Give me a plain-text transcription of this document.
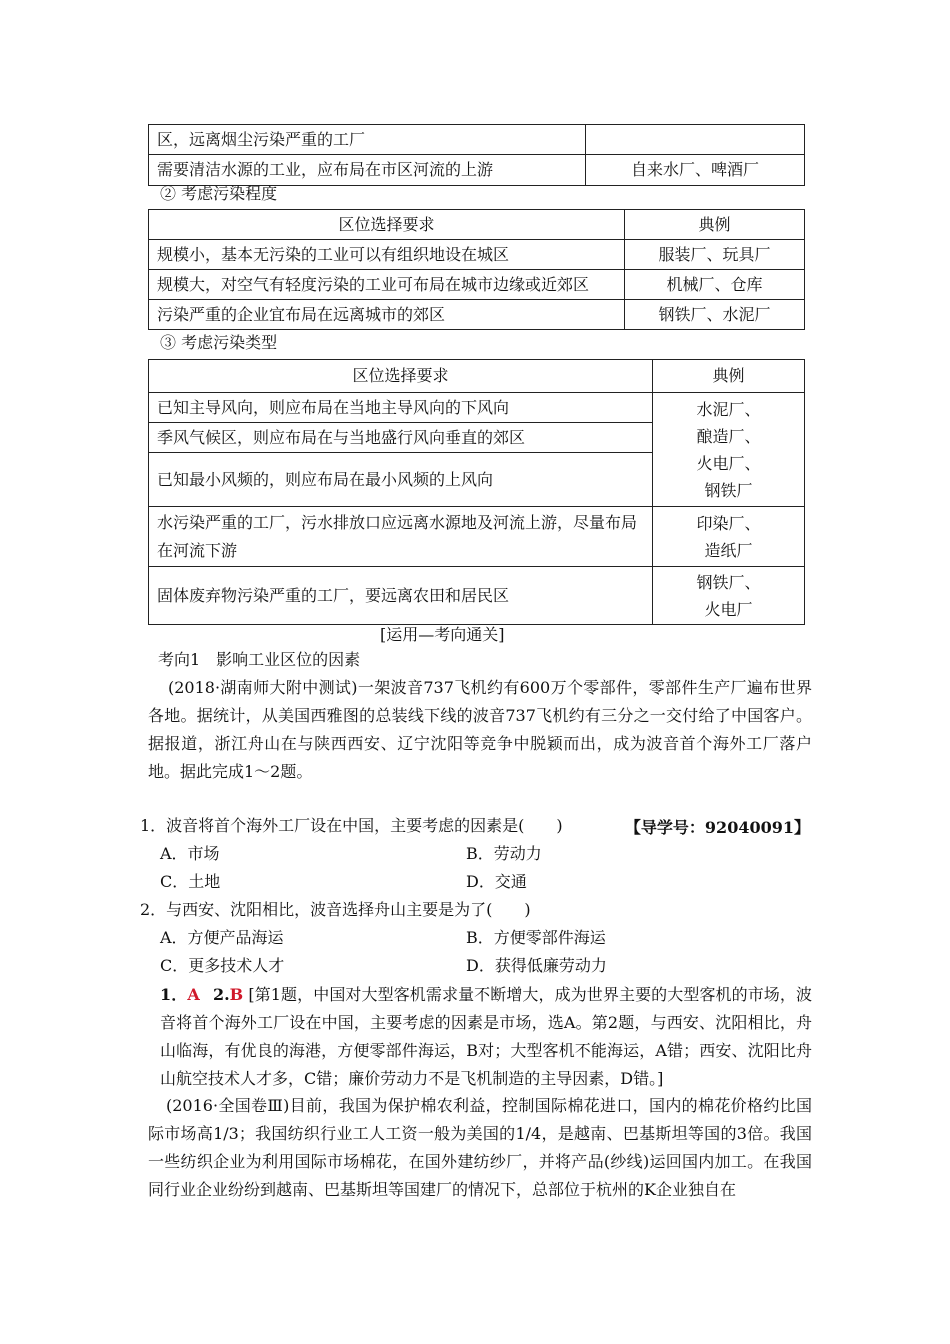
区，远离烟尘污染严重的工厂	
需要清洁水源的工业，应布局在市区河流的上游	自来水厂、啤酒厂
② 考虑污染程度
区位选择要求	典例
规模小，基本无污染的工业可以有组织地设在城区	服装厂、玩具厂
规模大，对空气有轻度污染的工业可布局在城市边缘或近郊区	机械厂、仓库
污染严重的企业宜布局在远离城市的郊区	钢铁厂、水泥厂
③ 考虑污染类型
区位选择要求	典例
已知主导风向，则应布局在当地主导风向的下风向	水泥厂、
酿造厂、
火电厂、
钢铁厂

季风气候区，则应布局在与当地盛行风向垂直的郊区	
已知最小风频的，则应布局在最小风频的上风向	
水污染严重的工厂，污水排放口应远离水源地及河流上游，尽量布局在河流下游	印染厂、
造纸厂

固体废弃物污染严重的工厂，要远离农田和居民区	钢铁厂、
火电厂
[运用—考向通关]
考向1　影响工业区位的因素
(2018·湖南师大附中测试)一架波音737飞机约有600万个零部件，零部件生产厂遍布世界各地。据统计，从美国西雅图的总装线下线的波音737飞机约有三分之一交付给了中国客户。据报道，浙江舟山在与陕西西安、辽宁沈阳等竞争中脱颖而出，成为波音首个海外工厂落户地。据此完成1～2题。
【导学号：92040091】
1．波音将首个海外工厂设在中国，主要考虑的因素是(　　)
A．市场	B．劳动力
C．土地	D．交通
2．与西安、沈阳相比，波音选择舟山主要是为了(　　)
A．方便产品海运	B．方便零部件海运
C．更多技术人才	D．获得低廉劳动力
1．A 2.B [第1题，中国对大型客机需求量不断增大，成为世界主要的大型客机的市场，波音将首个海外工厂设在中国，主要考虑的因素是市场，选A。第2题，与西安、沈阳相比，舟山临海，有优良的海港，方便零部件海运，B对；大型客机不能海运，A错；西安、沈阳比舟山航空技术人才多，C错；廉价劳动力不是飞机制造的主导因素，D错。]
(2016·全国卷Ⅲ)目前，我国为保护棉农利益，控制国际棉花进口，国内的棉花价格约比国际市场高1/3；我国纺织行业工人工资一般为美国的1/4，是越南、巴基斯坦等国的3倍。我国一些纺织企业为利用国际市场棉花，在国外建纺纱厂，并将产品(纱线)运回国内加工。在我国同行业企业纷纷到越南、巴基斯坦等国建厂的情况下，总部位于杭州的K企业独自在
